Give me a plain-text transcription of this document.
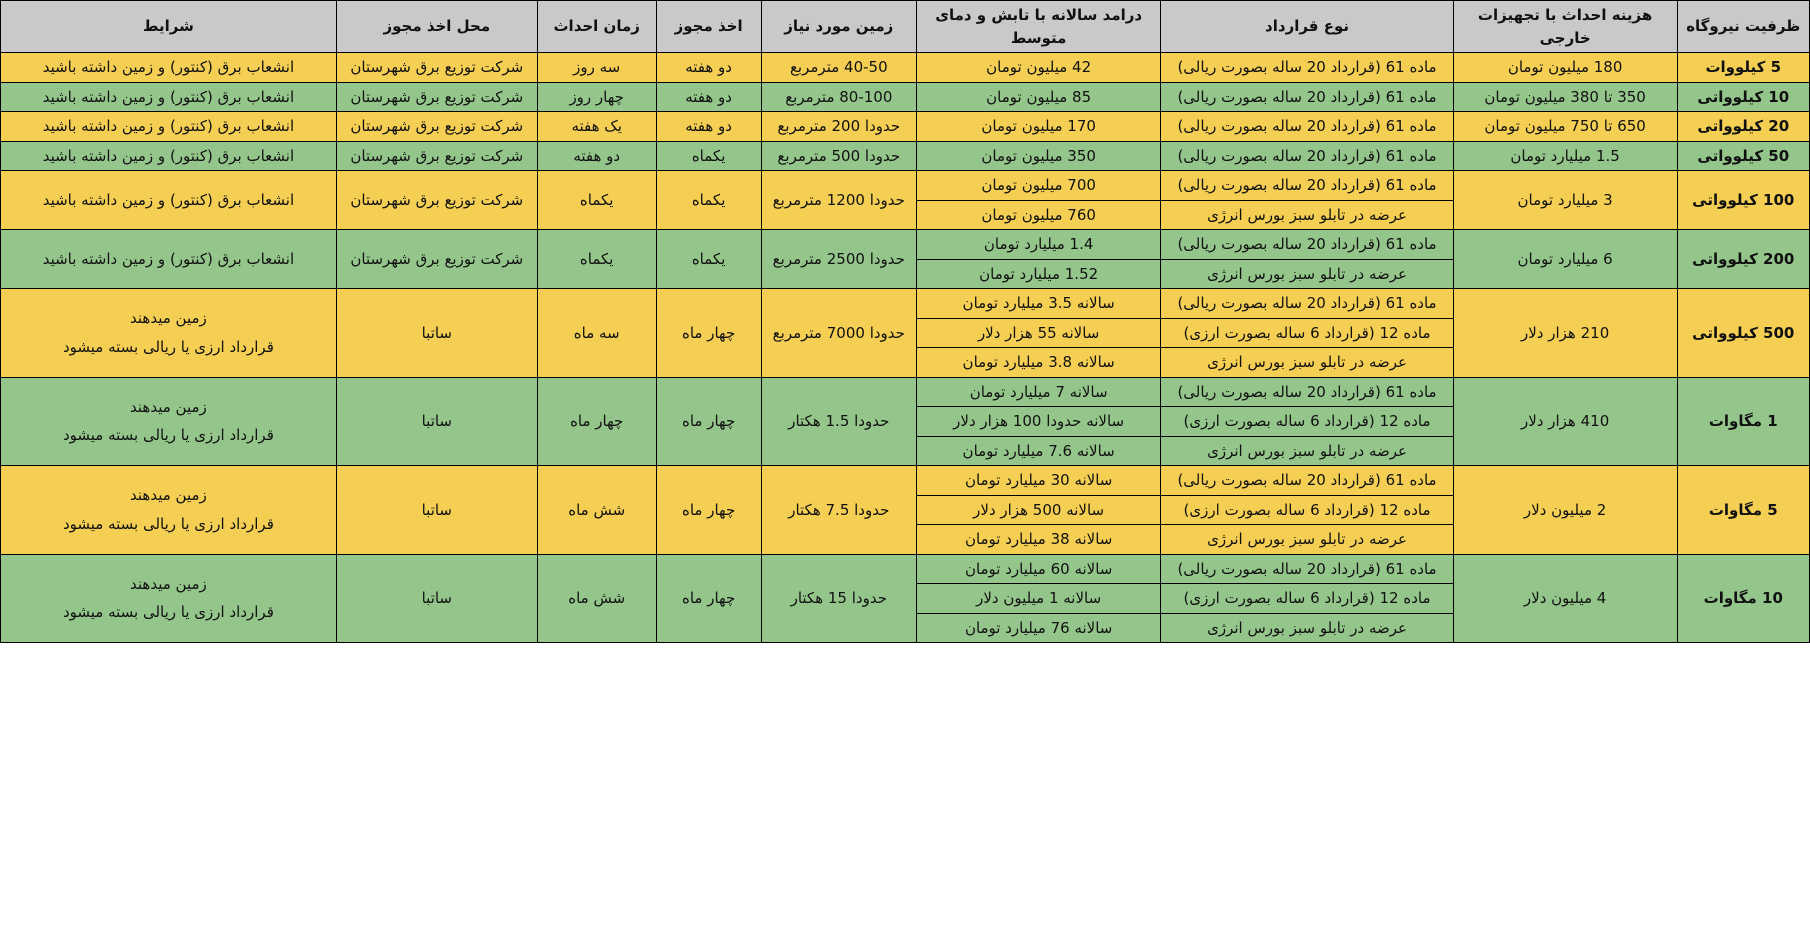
ظرفیت نیروگاه	هزینه احداث با تجهیزات خارجی	نوع قرارداد	درامد سالانه با تابش و دمای متوسط	زمین مورد نیاز	اخذ مجوز	زمان احداث	محل اخذ مجوز	شرایط
5 کیلووات	180 میلیون تومان	ماده 61 (قرارداد 20 ساله بصورت ریالی)	42 میلیون تومان	40-50 مترمربع	دو هفته	سه روز	شرکت توزیع برق شهرستان	انشعاب برق (کنتور) و زمین داشته باشید

10 کیلوواتی	350 تا 380 میلیون تومان	ماده 61 (قرارداد 20 ساله بصورت ریالی)	85 میلیون تومان	80-100 مترمربع	دو هفته	چهار روز	شرکت توزیع برق شهرستان	انشعاب برق (کنتور) و زمین داشته باشید

20 کیلوواتی	650 تا 750 میلیون تومان	ماده 61 (قرارداد 20 ساله بصورت ریالی)	170 میلیون تومان	حدودا 200 مترمربع	دو هفته	یک هفته	شرکت توزیع برق شهرستان	انشعاب برق (کنتور) و زمین داشته باشید

50 کیلوواتی	1.5 میلیارد تومان	ماده 61 (قرارداد 20 ساله بصورت ریالی)	350 میلیون تومان	حدودا 500 مترمربع	یکماه	دو هفته	شرکت توزیع برق شهرستان	انشعاب برق (کنتور) و زمین داشته باشید

100 کیلوواتی	3 میلیارد تومان	ماده 61 (قرارداد 20 ساله بصورت ریالی)	700 میلیون تومان	حدودا 1200 مترمربع	یکماه	یکماه	شرکت توزیع برق شهرستان	انشعاب برق (کنتور) و زمین داشته باشید

		عرضه در تابلو سبز بورس انرژی	760 میلیون تومان					
200 کیلوواتی	6 میلیارد تومان	ماده 61 (قرارداد 20 ساله بصورت ریالی)	1.4 میلیارد تومان	حدودا 2500 مترمربع	یکماه	یکماه	شرکت توزیع برق شهرستان	انشعاب برق (کنتور) و زمین داشته باشید

		عرضه در تابلو سبز بورس انرژی	1.52 میلیارد تومان					
500 کیلوواتی	210 هزار دلار	ماده 61 (قرارداد 20 ساله بصورت ریالی)	سالانه 3.5 میلیارد تومان	حدودا 7000 مترمربع	چهار ماه	سه ماه	ساتبا	زمین میدهند
قرارداد ارزی یا ریالی بسته میشود

		ماده 12 (قرارداد 6 ساله بصورت ارزی)	سالانه 55 هزار دلار					
		عرضه در تابلو سبز بورس انرژی	سالانه 3.8 میلیارد تومان					
1 مگاوات	410 هزار دلار	ماده 61 (قرارداد 20 ساله بصورت ریالی)	سالانه 7 میلیارد تومان	حدودا 1.5 هکتار	چهار ماه	چهار ماه	ساتبا	زمین میدهند
قرارداد ارزی یا ریالی بسته میشود

		ماده 12 (قرارداد 6 ساله بصورت ارزی)	سالانه حدودا 100 هزار دلار					
		عرضه در تابلو سبز بورس انرژی	سالانه 7.6 میلیارد تومان					
5 مگاوات	2 میلیون دلار	ماده 61 (قرارداد 20 ساله بصورت ریالی)	سالانه 30 میلیارد تومان	حدودا 7.5 هکتار	چهار ماه	شش ماه	ساتبا	زمین میدهند
قرارداد ارزی یا ریالی بسته میشود

		ماده 12 (قرارداد 6 ساله بصورت ارزی)	سالانه 500 هزار دلار					
		عرضه در تابلو سبز بورس انرژی	سالانه 38 میلیارد تومان					
10 مگاوات	4 میلیون دلار	ماده 61 (قرارداد 20 ساله بصورت ریالی)	سالانه 60 میلیارد تومان	حدودا 15 هکتار	چهار ماه	شش ماه	ساتبا	زمین میدهند
قرارداد ارزی یا ریالی بسته میشود

		ماده 12 (قرارداد 6 ساله بصورت ارزی)	سالانه 1 میلیون دلار					
		عرضه در تابلو سبز بورس انرژی	سالانه 76 میلیارد تومان					
